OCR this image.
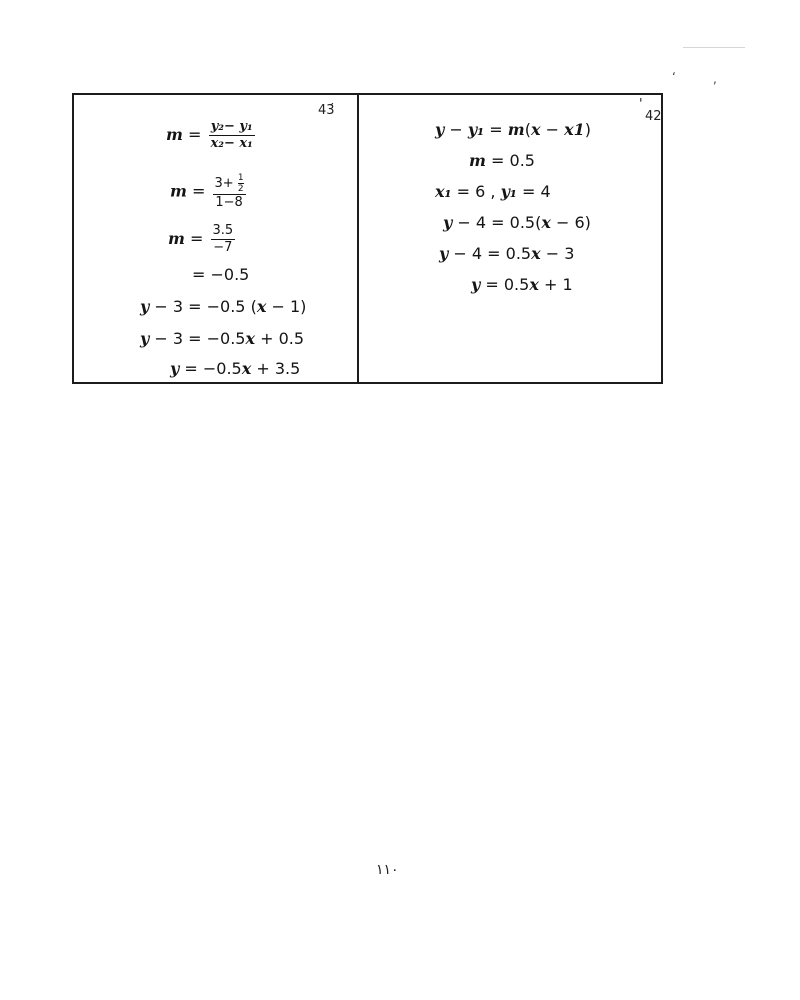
‘	,
43́
$m = \frac{\text{y₂− y₁}}{\text{x₂− x₁}}$
$m = \frac{3+ \frac{1}{2}}{1-8}$
$m = \frac{3.5}{-7}$
= −0.5
y − 3 = −0.5 (x − 1)
y − 3 = −0.5x + 0.5
y = −0.5x + 3.5
'
42
y − y₁ = m(x − x1)
m = 0.5
x₁ = 6 , y₁ = 4
y − 4 = 0.5(x − 6)
y − 4 = 0.5x − 3
y = 0.5x + 1
١١٠
